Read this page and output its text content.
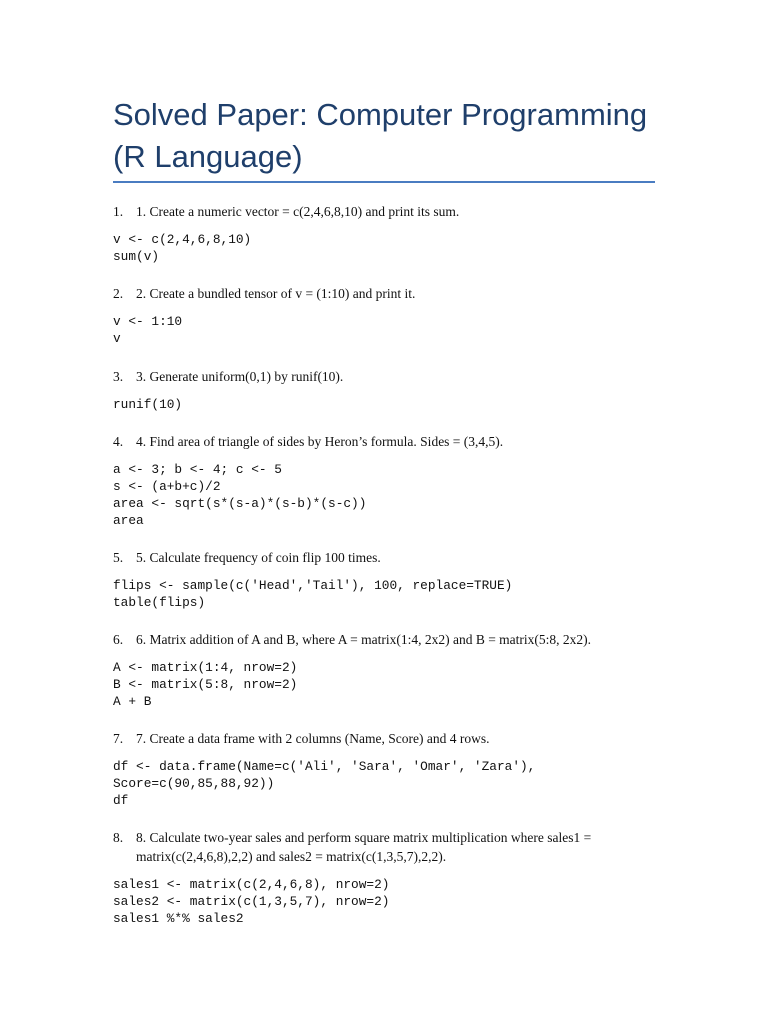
Solved Paper: Computer Programming (R Language)
1. 1. Create a numeric vector = c(2,4,6,8,10) and print its sum.
v <- c(2,4,6,8,10)
sum(v)
2. 2. Create a bundled tensor of v = (1:10) and print it.
v <- 1:10
v
3. 3. Generate uniform(0,1) by runif(10).
runif(10)
4. 4. Find area of triangle of sides by Heron’s formula. Sides = (3,4,5).
a <- 3; b <- 4; c <- 5
s <- (a+b+c)/2
area <- sqrt(s*(s-a)*(s-b)*(s-c))
area
5. 5. Calculate frequency of coin flip 100 times.
flips <- sample(c('Head','Tail'), 100, replace=TRUE)
table(flips)
6. 6. Matrix addition of A and B, where A = matrix(1:4, 2x2) and B = matrix(5:8, 2x2).
A <- matrix(1:4, nrow=2)
B <- matrix(5:8, nrow=2)
A + B
7. 7. Create a data frame with 2 columns (Name, Score) and 4 rows.
df <- data.frame(Name=c('Ali', 'Sara', 'Omar', 'Zara'),
Score=c(90,85,88,92))
df
8. 8. Calculate two-year sales and perform square matrix multiplication where sales1 = matrix(c(2,4,6,8),2,2) and sales2 = matrix(c(1,3,5,7),2,2).
sales1 <- matrix(c(2,4,6,8), nrow=2)
sales2 <- matrix(c(1,3,5,7), nrow=2)
sales1 %*% sales2
